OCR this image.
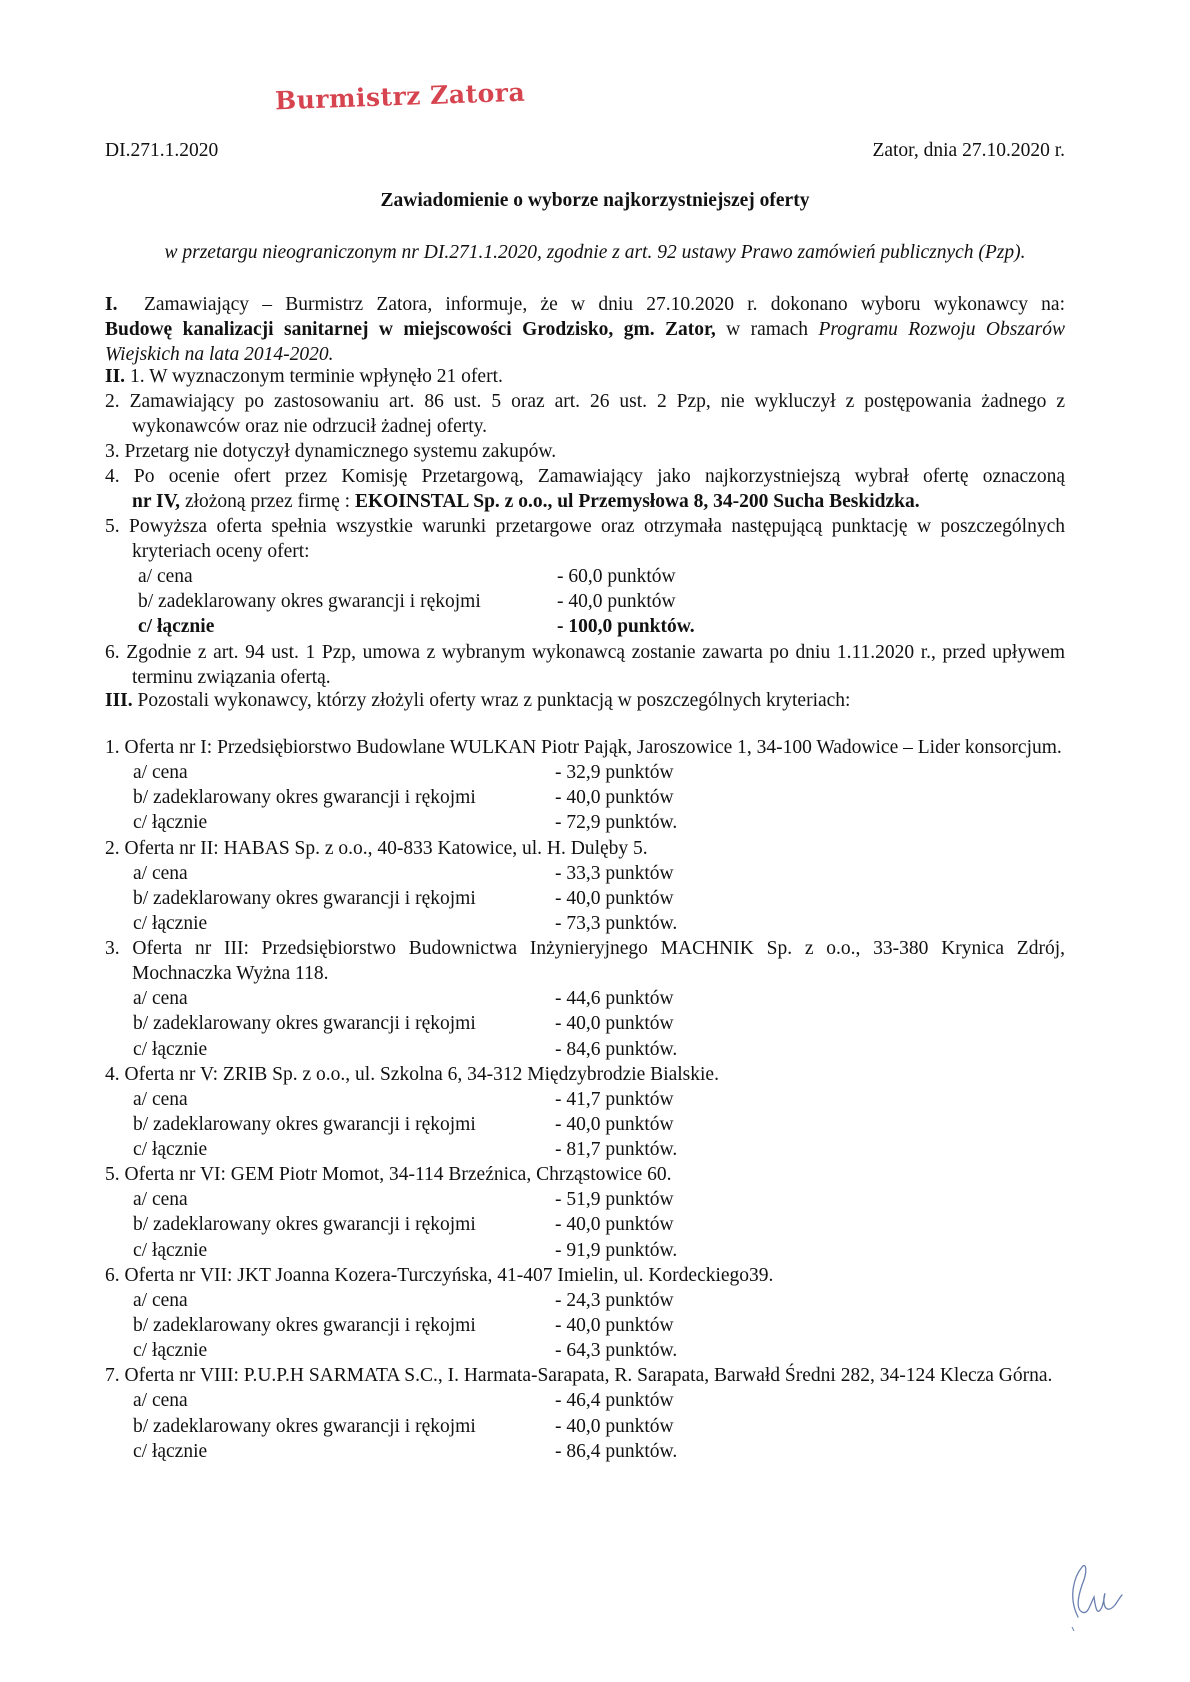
Burmistrz Zatora
DI.271.1.2020	Zator, dnia 27.10.2020 r.
Zawiadomienie o wyborze najkorzystniejszej oferty
w przetargu nieograniczonym nr DI.271.1.2020, zgodnie z art. 92 ustawy Prawo zamówień publicznych (Pzp).
I. Zamawiający – Burmistrz Zatora, informuje, że w dniu 27.10.2020 r. dokonano wyboru wykonawcy na:
Budowę kanalizacji sanitarnej w miejscowości Grodzisko, gm. Zator, w ramach Programu Rozwoju Obszarów
Wiejskich na lata 2014-2020.
II. 1. W wyznaczonym terminie wpłynęło 21 ofert.
2. Zamawiający po zastosowaniu art. 86 ust. 5 oraz art. 26 ust. 2 Pzp, nie wykluczył z postępowania żadnego z wykonawców oraz nie odrzucił żadnej oferty.
3. Przetarg nie dotyczył dynamicznego systemu zakupów.
4. Po ocenie ofert przez Komisję Przetargową, Zamawiający jako najkorzystniejszą wybrał ofertę oznaczoną
nr IV, złożoną przez firmę : EKOINSTAL Sp. z o.o., ul Przemysłowa 8, 34-200 Sucha Beskidzka.
5. Powyższa oferta spełnia wszystkie warunki przetargowe oraz otrzymała następującą punktację w poszczególnych kryteriach oceny ofert:
a/ cena	- 60,0 punktów
b/ zadeklarowany okres gwarancji i rękojmi	- 40,0 punktów
c/ łącznie	- 100,0 punktów.
6. Zgodnie z art. 94 ust. 1 Pzp, umowa z wybranym wykonawcą zostanie zawarta po dniu 1.11.2020 r., przed upływem terminu związania ofertą.
III. Pozostali wykonawcy, którzy złożyli oferty wraz z punktacją w poszczególnych kryteriach:
1. Oferta nr I: Przedsiębiorstwo Budowlane WULKAN Piotr Pająk, Jaroszowice 1, 34-100 Wadowice – Lider konsorcjum.
a/ cena	- 32,9 punktów
b/ zadeklarowany okres gwarancji i rękojmi	- 40,0 punktów
c/ łącznie	- 72,9 punktów.
2. Oferta nr II: HABAS Sp. z o.o., 40-833 Katowice, ul. H. Dulęby 5.
a/ cena	- 33,3 punktów
b/ zadeklarowany okres gwarancji i rękojmi	- 40,0 punktów
c/ łącznie	- 73,3 punktów.
3. Oferta nr III: Przedsiębiorstwo Budownictwa Inżynieryjnego MACHNIK Sp. z o.o., 33-380 Krynica Zdrój, Mochnaczka Wyżna 118.
a/ cena	- 44,6 punktów
b/ zadeklarowany okres gwarancji i rękojmi	- 40,0 punktów
c/ łącznie	- 84,6 punktów.
4. Oferta nr V: ZRIB Sp. z o.o., ul. Szkolna 6, 34-312 Międzybrodzie Bialskie.
a/ cena	- 41,7 punktów
b/ zadeklarowany okres gwarancji i rękojmi	- 40,0 punktów
c/ łącznie	- 81,7 punktów.
5. Oferta nr VI: GEM Piotr Momot, 34-114 Brzeźnica, Chrząstowice 60.
a/ cena	- 51,9 punktów
b/ zadeklarowany okres gwarancji i rękojmi	- 40,0 punktów
c/ łącznie	- 91,9 punktów.
6. Oferta nr VII: JKT Joanna Kozera-Turczyńska, 41-407 Imielin, ul. Kordeckiego39.
a/ cena	- 24,3 punktów
b/ zadeklarowany okres gwarancji i rękojmi	- 40,0 punktów
c/ łącznie	- 64,3 punktów.
7. Oferta nr VIII: P.U.P.H SARMATA S.C., I. Harmata-Sarapata, R. Sarapata, Barwałd Średni 282, 34-124 Klecza Górna.
a/ cena	- 46,4 punktów
b/ zadeklarowany okres gwarancji i rękojmi	- 40,0 punktów
c/ łącznie	- 86,4 punktów.
